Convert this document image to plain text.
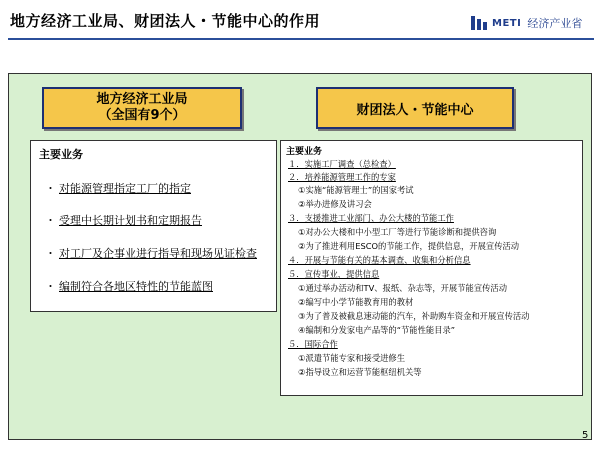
地方经济工业局、财团法人・节能中心的作用	METI 经济产业省
地方经济工业局
（全国有9个）	财团法人・节能中心
主要业务
・ 对能源管理指定工厂的指定
・ 受理中长期计划书和定期报告
・ 对工厂及企事业进行指导和现场见证检查
・ 编制符合各地区特性的节能蓝图
主要业务
１．实施工厂调查（总检查）
２．培养能源管理工作的专家
①实施“能源管理士”的国家考试
②举办进修及讲习会
３．支援推进工业部门、办公大楼的节能工作
①对办公大楼和中小型工厂等进行节能诊断和提供咨询
②为了推进利用ESCO的节能工作，提供信息，开展宣传活动
４．开展与节能有关的基本调查、收集和分析信息
５．宣传事业，提供信息
①通过举办活动和TV、报纸、杂志等，开展节能宣传活动
②编写中小学节能教育用的教材
③为了普及被截息速动能的汽车，补助购车资金和开展宣传活动
④编制和分发家电产品等的“节能性能目录”
５．国际合作
①派遣节能专家和接受进修生
②指导设立和运营节能枢纽机关等
5
